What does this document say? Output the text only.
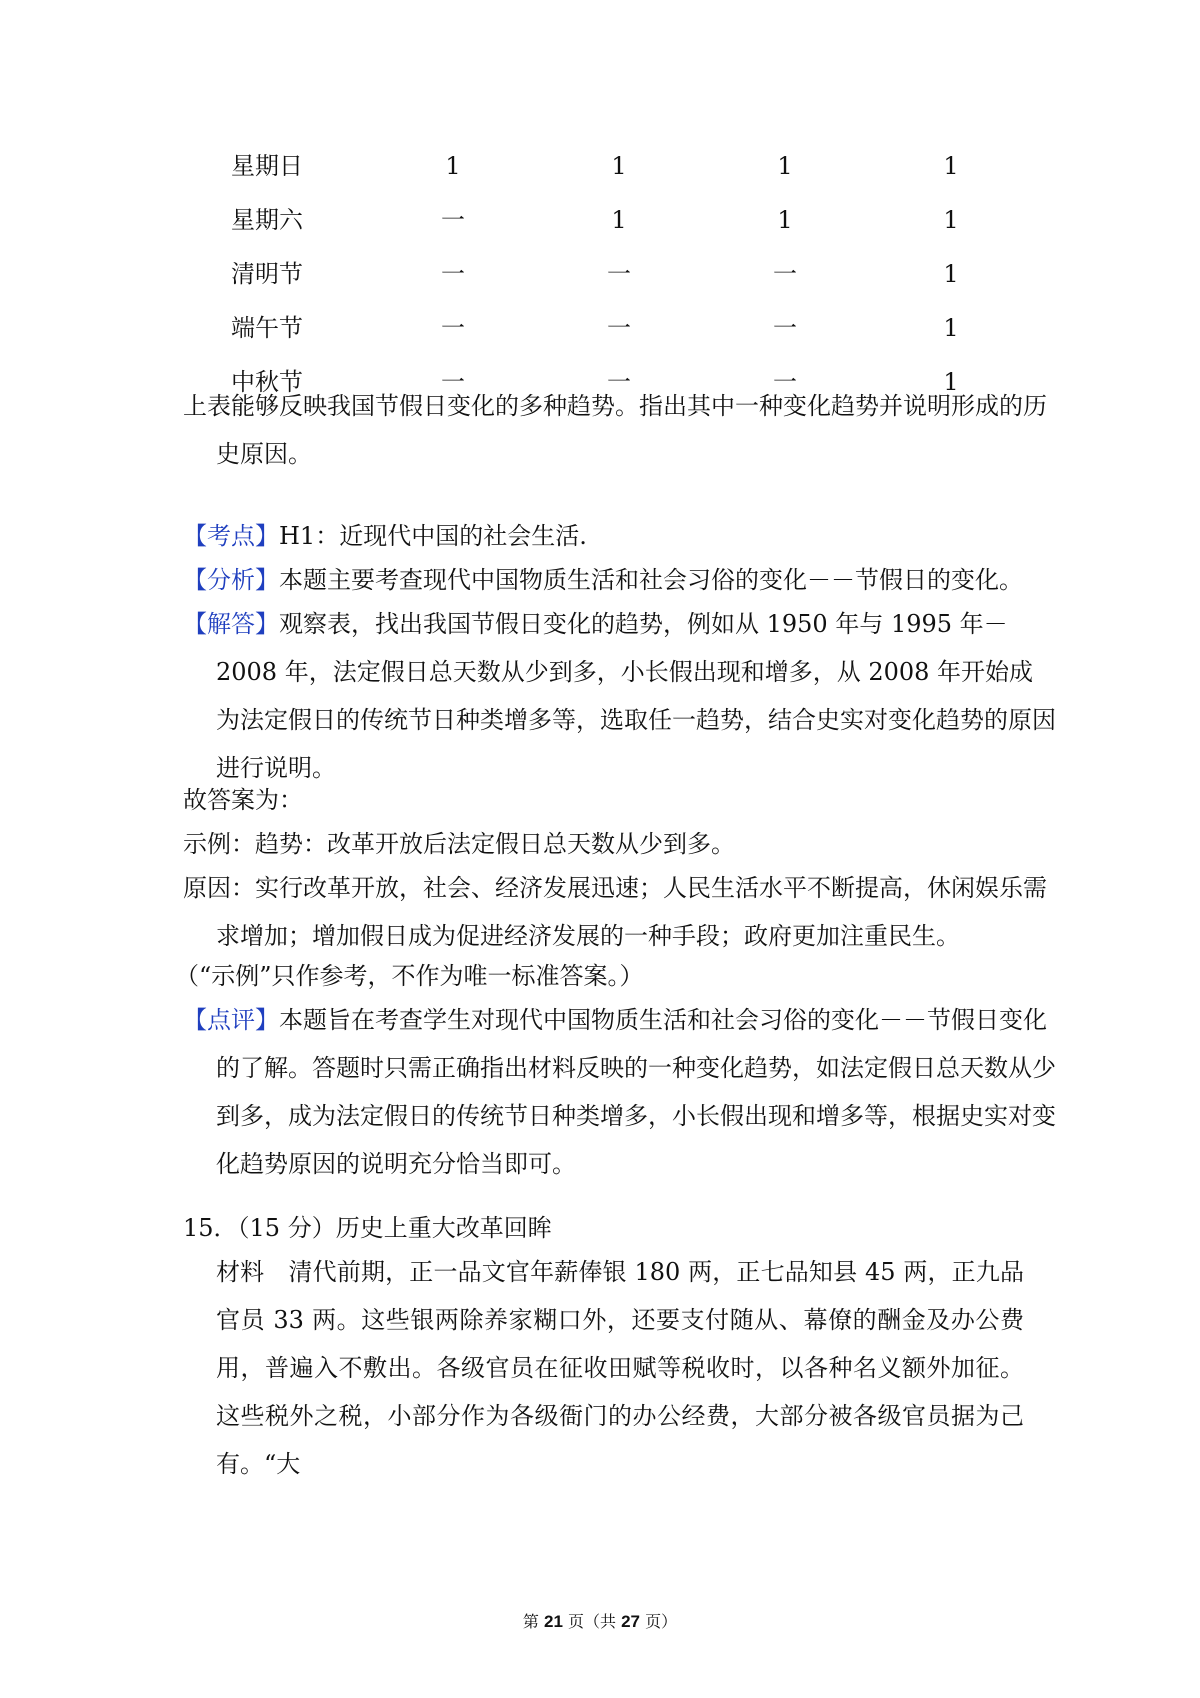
星期日	1	1	1	1
星期六	一	1	1	1
清明节	一	一	一	1
端午节	一	一	一	1
中秋节	一	一	一	1
上表能够反映我国节假日变化的多种趋势。指出其中一种变化趋势并说明形成的历史原因。
【考点】H1：近现代中国的社会生活.
【分析】本题主要考查现代中国物质生活和社会习俗的变化－－节假日的变化。
【解答】观察表，找出我国节假日变化的趋势，例如从 1950 年与 1995 年－2008 年，法定假日总天数从少到多，小长假出现和增多，从 2008 年开始成为法定假日的传统节日种类增多等，选取任一趋势，结合史实对变化趋势的原因进行说明。
故答案为：
示例：趋势：改革开放后法定假日总天数从少到多。
原因：实行改革开放，社会、经济发展迅速；人民生活水平不断提高，休闲娱乐需求增加；增加假日成为促进经济发展的一种手段；政府更加注重民生。
（“示例”只作参考，不作为唯一标准答案。）
【点评】本题旨在考查学生对现代中国物质生活和社会习俗的变化－－节假日变化的了解。答题时只需正确指出材料反映的一种变化趋势，如法定假日总天数从少到多，成为法定假日的传统节日种类增多，小长假出现和增多等，根据史实对变化趋势原因的说明充分恰当即可。
15．（15 分）历史上重大改革回眸
材料　清代前期，正一品文官年薪俸银 180 两，正七品知县 45 两，正九品官员 33 两。这些银两除养家糊口外，还要支付随从、幕僚的酬金及办公费用，普遍入不敷出。各级官员在征收田赋等税收时，以各种名义额外加征。这些税外之税，小部分作为各级衙门的办公经费，大部分被各级官员据为己有。“大
第 21 页（共 27 页）
